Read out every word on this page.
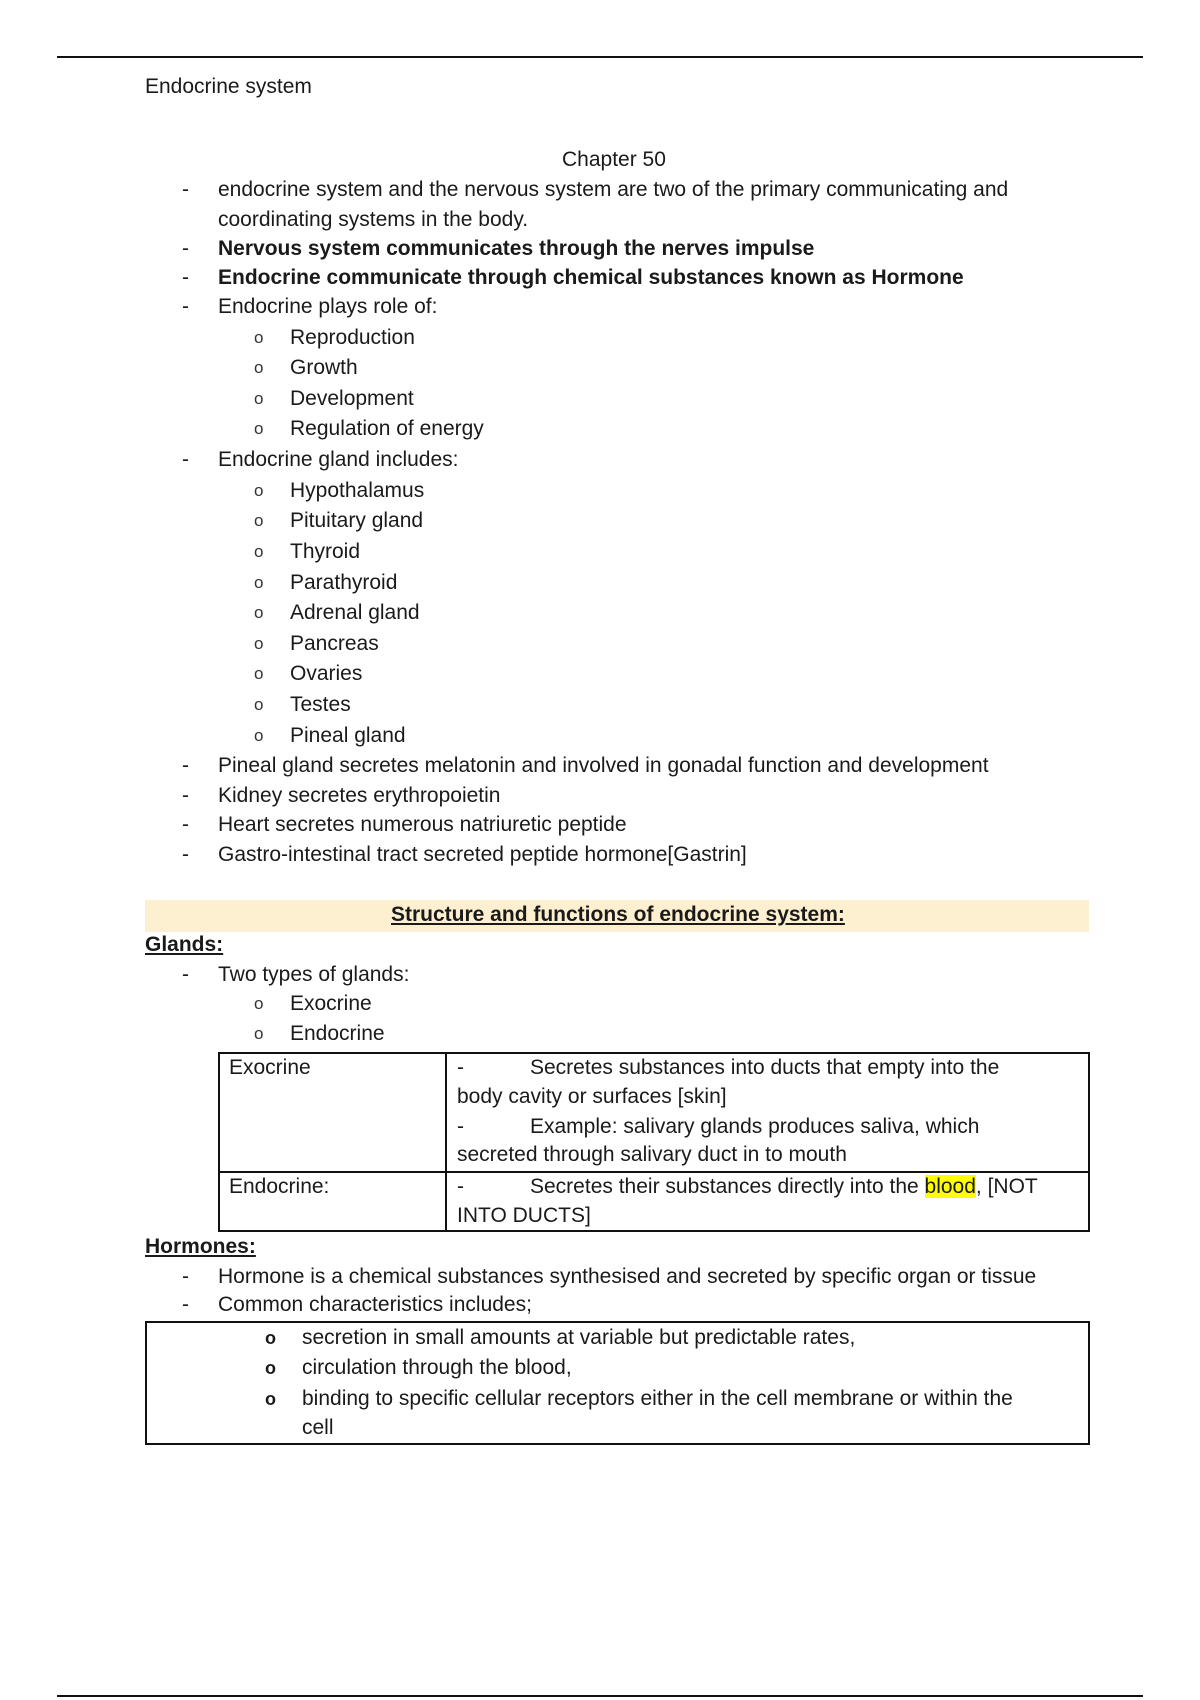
Endocrine system
Chapter 50
- endocrine system and the nervous system are two of the primary communicating and
coordinating systems in the body.
- Nervous system communicates through the nerves impulse
- Endocrine communicate through chemical substances known as Hormone
- Endocrine plays role of:
o Reproduction
o Growth
o Development
o Regulation of energy
- Endocrine gland includes:
o Hypothalamus
o Pituitary gland
o Thyroid
o Parathyroid
o Adrenal gland
o Pancreas
o Ovaries
o Testes
o Pineal gland
- Pineal gland secretes melatonin and involved in gonadal function and development
- Kidney secretes erythropoietin
- Heart secretes numerous natriuretic peptide
- Gastro-intestinal tract secreted peptide hormone[Gastrin]
Structure and functions of endocrine system:
Glands:
- Two types of glands:
o Exocrine
o Endocrine
Exocrine	-	Secretes substances into ducts that empty into the
body cavity or surfaces [skin]
-	Example: salivary glands produces saliva, which
secreted through salivary duct in to mouth
Endocrine:	-	Secretes their substances directly into the blood, [NOT
INTO DUCTS]
Hormones:
- Hormone is a chemical substances synthesised and secreted by specific organ or tissue
- Common characteristics includes;
o secretion in small amounts at variable but predictable rates,
o circulation through the blood,
o binding to specific cellular receptors either in the cell membrane or within the
cell
